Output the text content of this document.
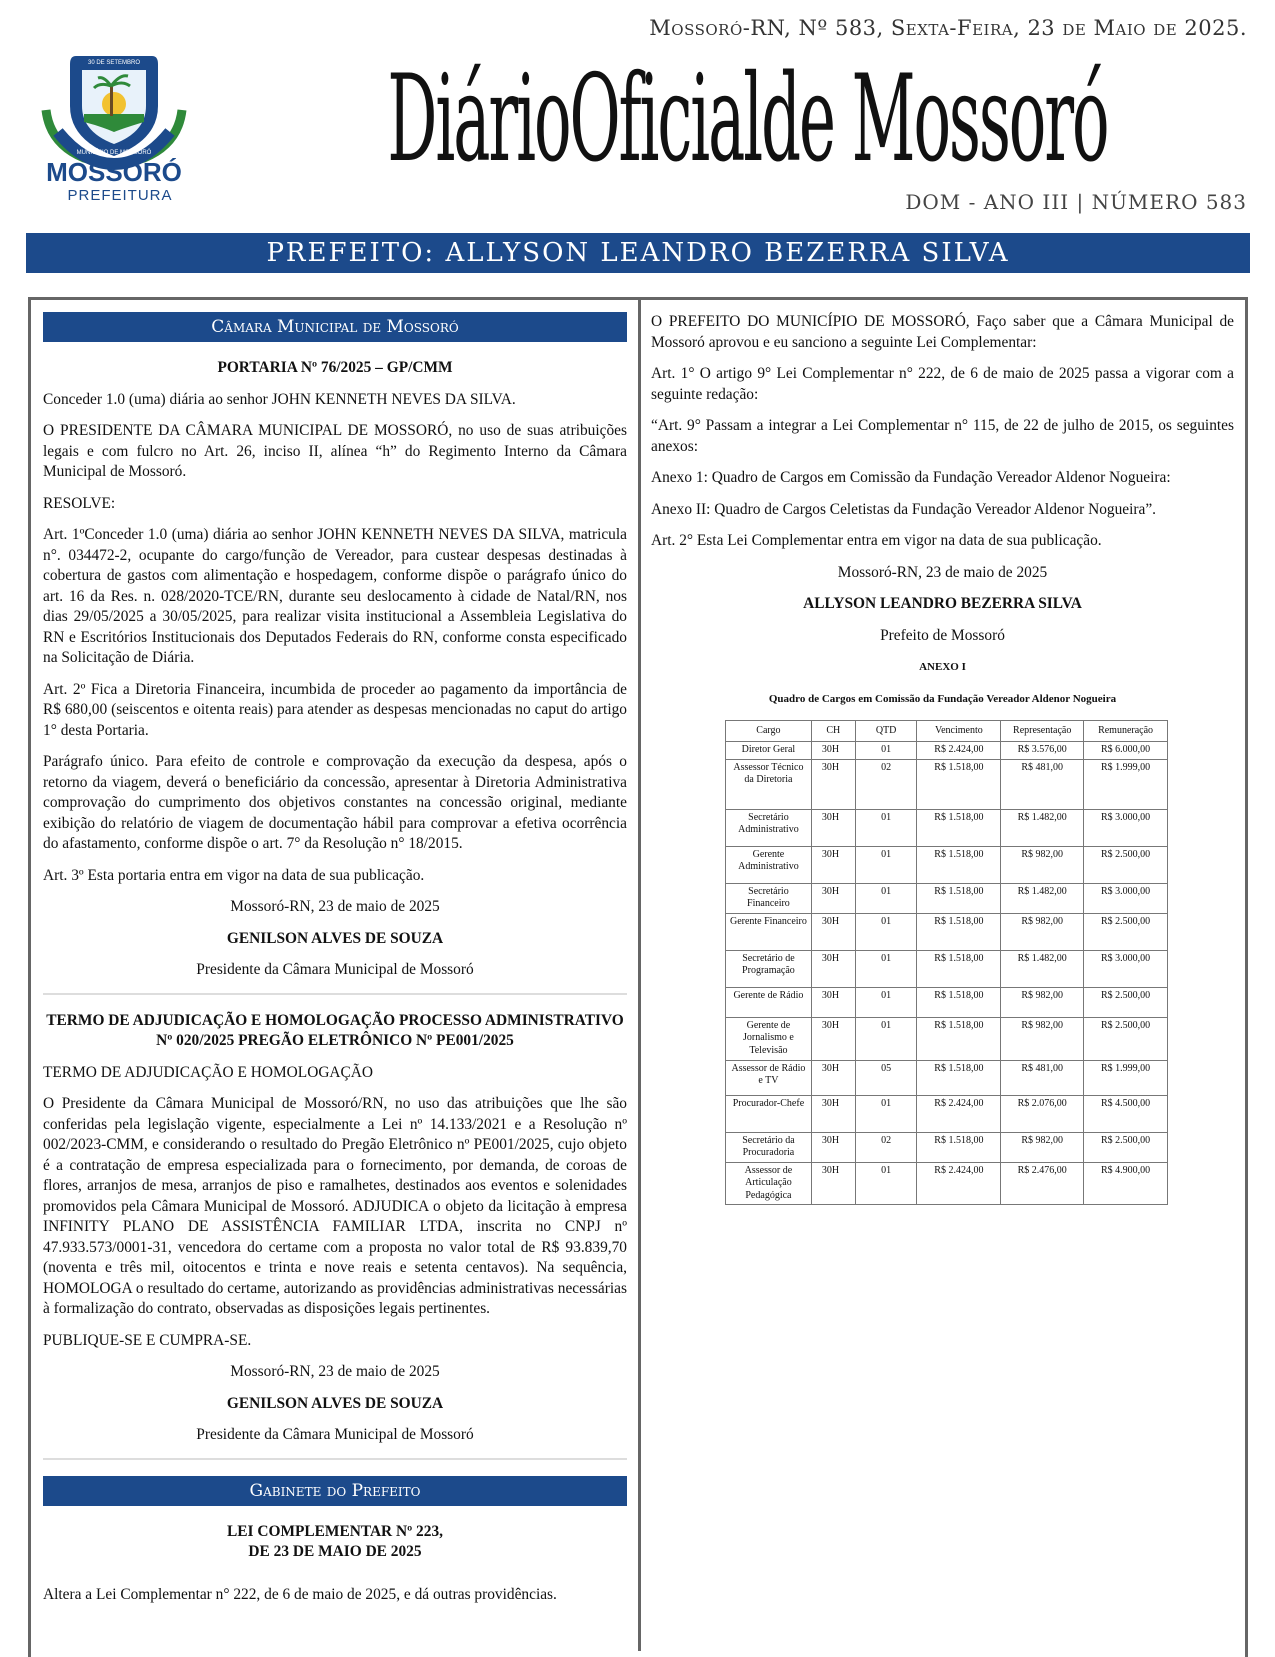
Mossoró-RN, Nº 583, Sexta-Feira, 23 de Maio de 2025.
30 DE SETEMBRO
MUNICÍPIO DE MOSSORÓ
MOSSORÓ
PREFEITURA
DiárioOficialde Mossoró
DOM - ANO III | NÚMERO 583
PREFEITO: ALLYSON LEANDRO BEZERRA SILVA
Câmara Municipal de Mossoró

PORTARIA Nº 76/2025 – GP/CMM

Conceder 1.0 (uma) diária ao senhor JOHN KENNETH NEVES DA SILVA.

O PRESIDENTE DA CÂMARA MUNICIPAL DE MOSSORÓ, no uso de suas atribuições legais e com fulcro no Art. 26, inciso II, alínea “h” do Regimento Interno da Câmara Municipal de Mossoró.

RESOLVE:

Art. 1ºConceder 1.0 (uma) diária ao senhor JOHN KENNETH NEVES DA SILVA, matricula n°. 034472-2, ocupante do cargo/função de Vereador, para custear despesas destinadas à cobertura de gastos com alimentação e hospedagem, conforme dispõe o parágrafo único do art. 16 da Res. n. 028/2020-TCE/RN, durante seu deslocamento à cidade de Natal/RN, nos dias 29/05/2025 a 30/05/2025, para realizar visita institucional a Assembleia Legislativa do RN e Escritórios Institucionais dos Deputados Federais do RN, conforme consta especificado na Solicitação de Diária.

Art. 2º Fica a Diretoria Financeira, incumbida de proceder ao pagamento da importância de R$ 680,00 (seiscentos e oitenta reais) para atender as despesas mencionadas no caput do artigo 1° desta Portaria.

Parágrafo único. Para efeito de controle e comprovação da execução da despesa, após o retorno da viagem, deverá o beneficiário da concessão, apresentar à Diretoria Administrativa comprovação do cumprimento dos objetivos constantes na concessão original, mediante exibição do relatório de viagem de documentação hábil para comprovar a efetiva ocorrência do afastamento, conforme dispõe o art. 7° da Resolução n° 18/2015.

Art. 3º Esta portaria entra em vigor na data de sua publicação.

Mossoró-RN, 23 de maio de 2025

GENILSON ALVES DE SOUZA

Presidente da Câmara Municipal de Mossoró

TERMO DE ADJUDICAÇÃO E HOMOLOGAÇÃO PROCESSO ADMINISTRATIVO Nº 020/2025 PREGÃO ELETRÔNICO Nº PE001/2025

TERMO DE ADJUDICAÇÃO E HOMOLOGAÇÃO

O Presidente da Câmara Municipal de Mossoró/RN, no uso das atribuições que lhe são conferidas pela legislação vigente, especialmente a Lei nº 14.133/2021 e a Resolução nº 002/2023-CMM, e considerando o resultado do Pregão Eletrônico nº PE001/2025, cujo objeto é a contratação de empresa especializada para o fornecimento, por demanda, de coroas de flores, arranjos de mesa, arranjos de piso e ramalhetes, destinados aos eventos e solenidades promovidos pela Câmara Municipal de Mossoró. ADJUDICA o objeto da licitação à empresa INFINITY PLANO DE ASSISTÊNCIA FAMILIAR LTDA, inscrita no CNPJ nº 47.933.573/0001-31, vencedora do certame com a proposta no valor total de R$ 93.839,70 (noventa e três mil, oitocentos e trinta e nove reais e setenta centavos). Na sequência, HOMOLOGA o resultado do certame, autorizando as providências administrativas necessárias à formalização do contrato, observadas as disposições legais pertinentes.

PUBLIQUE-SE E CUMPRA-SE.

Mossoró-RN, 23 de maio de 2025

GENILSON ALVES DE SOUZA

Presidente da Câmara Municipal de Mossoró

Gabinete do Prefeito

LEI COMPLEMENTAR Nº 223,

DE 23 DE MAIO DE 2025

Altera a Lei Complementar n° 222, de 6 de maio de 2025, e dá outras providências.

O PREFEITO DO MUNICÍPIO DE MOSSORÓ, Faço saber que a Câmara Municipal de Mossoró aprovou e eu sanciono a seguinte Lei Complementar:

Art. 1° O artigo 9° Lei Complementar n° 222, de 6 de maio de 2025 passa a vigorar com a seguinte redação:

“Art. 9° Passam a integrar a Lei Complementar n° 115, de 22 de julho de 2015, os seguintes anexos:

Anexo 1: Quadro de Cargos em Comissão da Fundação Vereador Aldenor Nogueira:

Anexo II: Quadro de Cargos Celetistas da Fundação Vereador Aldenor Nogueira”.

Art. 2° Esta Lei Complementar entra em vigor na data de sua publicação.

Mossoró-RN, 23 de maio de 2025

ALLYSON LEANDRO BEZERRA SILVA

Prefeito de Mossoró

ANEXO I

Quadro de Cargos em Comissão da Fundação Vereador Aldenor Nogueira

Cargo	CH	QTD	Vencimento	Representação	Remuneração
Diretor Geral	30H	01	R$ 2.424,00	R$ 3.576,00	R$ 6.000,00
Assessor Técnico da Diretoria	30H	02	R$ 1.518,00	R$ 481,00	R$ 1.999,00
Secretário Administrativo	30H	01	R$ 1.518,00	R$ 1.482,00	R$ 3.000,00
Gerente Administrativo	30H	01	R$ 1.518,00	R$ 982,00	R$ 2.500,00
Secretário Financeiro	30H	01	R$ 1.518,00	R$ 1.482,00	R$ 3.000,00
Gerente Financeiro	30H	01	R$ 1.518,00	R$ 982,00	R$ 2.500,00
Secretário de Programação	30H	01	R$ 1.518,00	R$ 1.482,00	R$ 3.000,00
Gerente de Rádio	30H	01	R$ 1.518,00	R$ 982,00	R$ 2.500,00
Gerente de Jornalismo e Televisão	30H	01	R$ 1.518,00	R$ 982,00	R$ 2.500,00
Assessor de Rádio e TV	30H	05	R$ 1.518,00	R$ 481,00	R$ 1.999,00
Procurador-Chefe	30H	01	R$ 2.424,00	R$ 2.076,00	R$ 4.500,00
Secretário da Procuradoria	30H	02	R$ 1.518,00	R$ 982,00	R$ 2.500,00
Assessor de Articulação Pedagógica	30H	01	R$ 2.424,00	R$ 2.476,00	R$ 4.900,00
